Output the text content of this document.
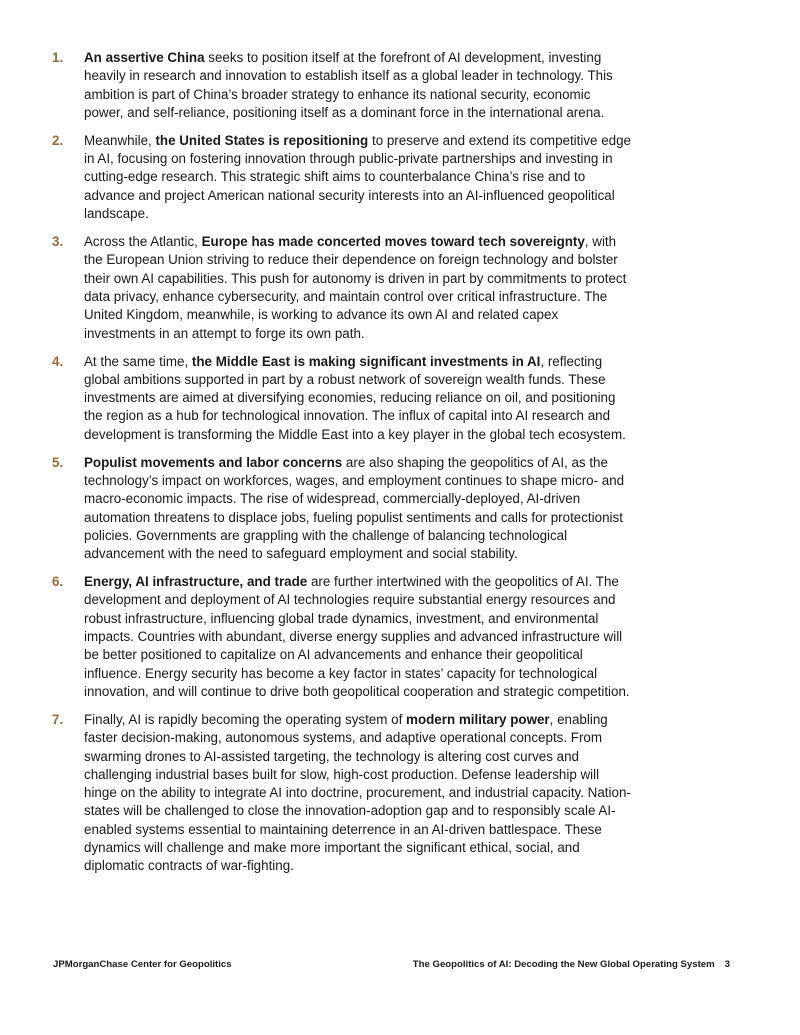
1. An assertive China seeks to position itself at the forefront of AI development, investing heavily in research and innovation to establish itself as a global leader in technology. This ambition is part of China’s broader strategy to enhance its national security, economic power, and self-reliance, positioning itself as a dominant force in the international arena.
2. Meanwhile, the United States is repositioning to preserve and extend its competitive edge in AI, focusing on fostering innovation through public-private partnerships and investing in cutting-edge research. This strategic shift aims to counterbalance China’s rise and to advance and project American national security interests into an AI-influenced geopolitical landscape.
3. Across the Atlantic, Europe has made concerted moves toward tech sovereignty, with the European Union striving to reduce their dependence on foreign technology and bolster their own AI capabilities. This push for autonomy is driven in part by commitments to protect data privacy, enhance cybersecurity, and maintain control over critical infrastructure. The United Kingdom, meanwhile, is working to advance its own AI and related capex investments in an attempt to forge its own path.
4. At the same time, the Middle East is making significant investments in AI, reflecting global ambitions supported in part by a robust network of sovereign wealth funds. These investments are aimed at diversifying economies, reducing reliance on oil, and positioning the region as a hub for technological innovation. The influx of capital into AI research and development is transforming the Middle East into a key player in the global tech ecosystem.
5. Populist movements and labor concerns are also shaping the geopolitics of AI, as the technology’s impact on workforces, wages, and employment continues to shape micro- and macro-economic impacts. The rise of widespread, commercially-deployed, AI-driven automation threatens to displace jobs, fueling populist sentiments and calls for protectionist policies. Governments are grappling with the challenge of balancing technological advancement with the need to safeguard employment and social stability.
6. Energy, AI infrastructure, and trade are further intertwined with the geopolitics of AI. The development and deployment of AI technologies require substantial energy resources and robust infrastructure, influencing global trade dynamics, investment, and environmental impacts. Countries with abundant, diverse energy supplies and advanced infrastructure will be better positioned to capitalize on AI advancements and enhance their geopolitical influence. Energy security has become a key factor in states’ capacity for technological innovation, and will continue to drive both geopolitical cooperation and strategic competition.
7. Finally, AI is rapidly becoming the operating system of modern military power, enabling faster decision-making, autonomous systems, and adaptive operational concepts. From swarming drones to AI-assisted targeting, the technology is altering cost curves and challenging industrial bases built for slow, high-cost production. Defense leadership will hinge on the ability to integrate AI into doctrine, procurement, and industrial capacity. Nation-states will be challenged to close the innovation-adoption gap and to responsibly scale AI-enabled systems essential to maintaining deterrence in an AI-driven battlespace. These dynamics will challenge and make more important the significant ethical, social, and diplomatic contracts of war-fighting.
JPMorganChase Center for Geopolitics	The Geopolitics of AI: Decoding the New Global Operating System 3
